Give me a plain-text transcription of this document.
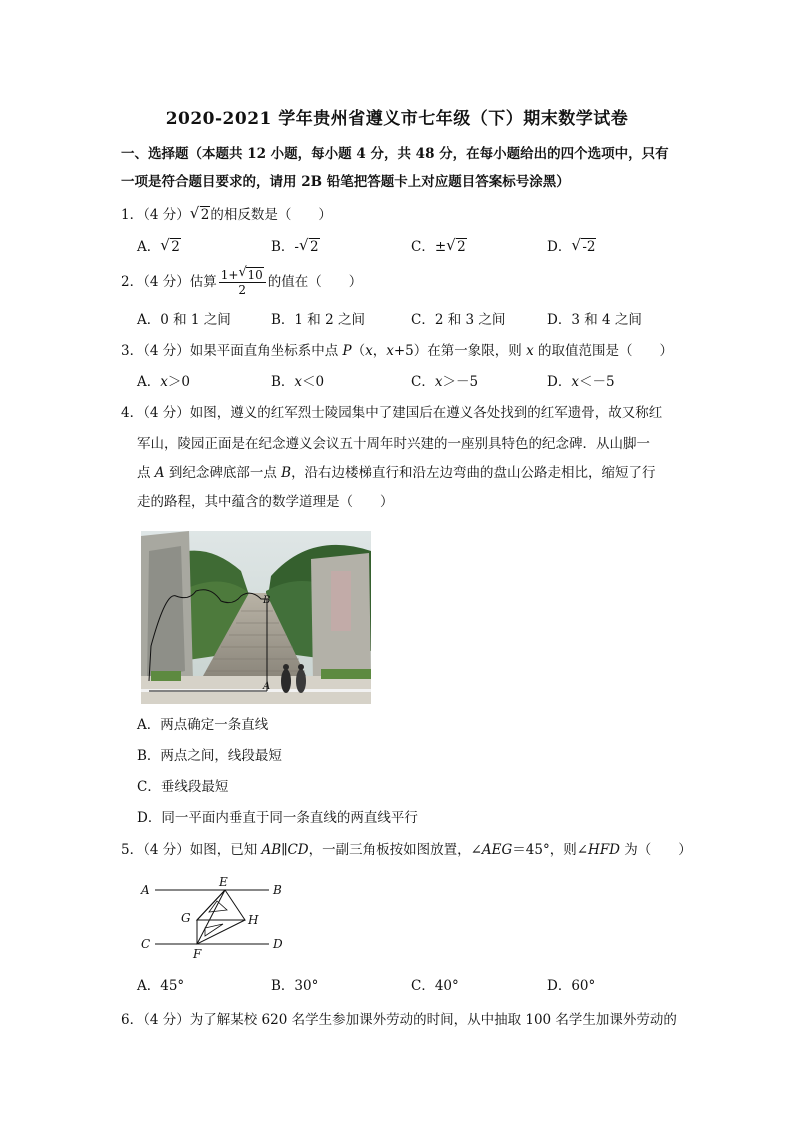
2020-2021 学年贵州省遵义市七年级（下）期末数学试卷
一、选择题（本题共 12 小题，每小题 4 分，共 48 分，在每小题给出的四个选项中，只有
一项是符合题目要求的，请用 2B 铅笔把答题卡上对应题目答案标号涂黑）
1．（4 分） √ 2的相反数是（　　）
A． √ 2	B．- √ 2	C．± √ 2	D． √ -2
2．（4 分）估算 $\frac{1+ √ 10}{2}$ 的值在（　　）
A．0 和 1 之间	B．1 和 2 之间	C．2 和 3 之间	D．3 和 4 之间
3．（4 分）如果平面直角坐标系中点 P（x，x+5）在第一象限，则 x 的取值范围是（　　）
A．x＞0	B．x＜0	C．x＞－5	D．x＜－5
4．（4 分）如图，遵义的红军烈士陵园集中了建国后在遵义各处找到的红军遗骨，故又称红
军山，陵园正面是在纪念遵义会议五十周年时兴建的一座别具特色的纪念碑．从山脚一
点 A 到纪念碑底部一点 B，沿右边楼梯直行和沿左边弯曲的盘山公路走相比，缩短了行
走的路程，其中蕴含的数学道理是（　　）
B
A
A．两点确定一条直线
B．两点之间，线段最短
C．垂线段最短
D．同一平面内垂直于同一条直线的两直线平行
5．（4 分）如图，已知 AB∥CD，一副三角板按如图放置，∠AEG＝45°，则∠HFD 为（　　）
A	B
C	D
E
F
G	H
A．45°	B．30°	C．40°	D．60°
6．（4 分）为了解某校 620 名学生参加课外劳动的时间，从中抽取 100 名学生加课外劳动的
